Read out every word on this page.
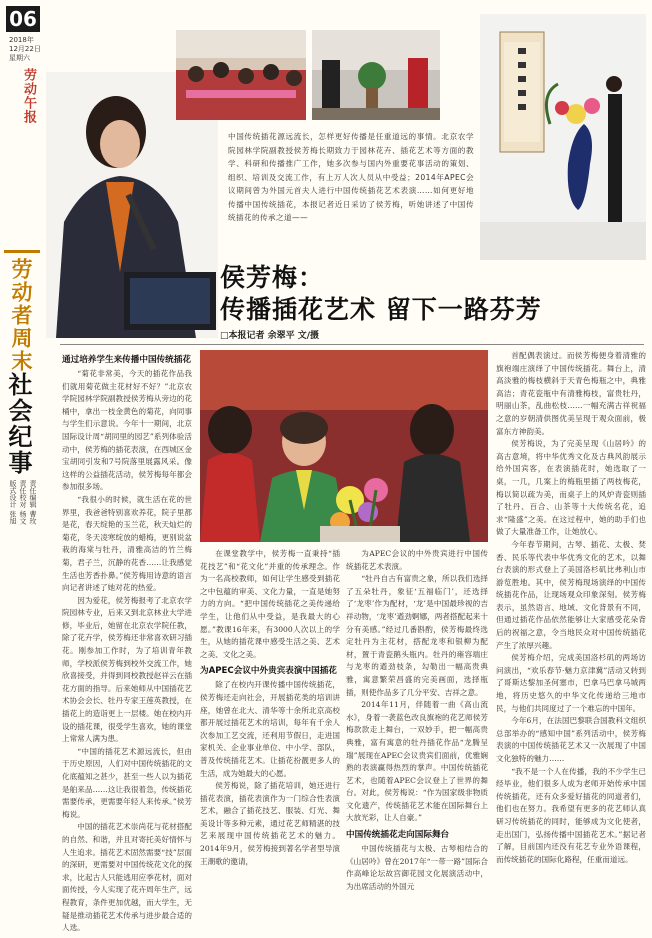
06
2018年
12月22日
星期六
劳动午报
劳动者周末
社会纪事
版式设计 张旭 责任校对 杨文 责任编辑 曹玫
中国传统插花源远流长，怎样更好传播是任重道远的事情。北京农学院园林学院副教授侯芳梅长期致力于园林花卉、插花艺术等方面的教学、科研和传播推广工作，她多次参与国内外重要花事活动的策划、组织、培训及交流工作，有上万人次人员从中受益；2014年APEC会议期间曾为外国元首夫人进行中国传统插花艺术表演……如何更好地传播中国传统插花，本报记者近日采访了侯芳梅，听她讲述了中国传统插花的传承之道——
侯芳梅：
传播插花艺术 留下一路芬芳
□本报记者 余翠平 文/摄
通过培养学生来传播中国传统插花

“菊花非常美，今天的插花作品我们就用菊花做主花材好不好？”北京农学院园林学院副教授侯芳梅从旁边的花桶中，拿出一枝金黄色的菊花，向同事与学生们示意说。今年十一期间，北京国际设计周“胡同里的园艺”系列体验活动中，侯芳梅的插花表演，在西城区金宝胡同引发和7号院落里展露风采。像这样的公益插花活动，侯芳梅每年都会参加很多场。

“我很小的时候，就生活在花的世界里，我爸爸特别喜欢养花，院子里都是花，春天绽艳的玉兰花，秋天灿烂的菊花，冬天凌寒绽放的蜡梅，更别说盆栽的海棠与牡丹，清雅高洁的竹兰梅菊，君子兰，沉静的花香……让我感觉生活也芳香扑鼻。”侯芳梅用诗意的语言向记者讲述了她对花的热爱。

因为爱花，侯芳梅报考了北京农学院园林专业，后来又到北京林业大学进修，毕业后，她留在北京农学院任教，除了花卉学，侯芳梅还非常喜欢研习插花。刚参加工作时，为了培训青年教师，学校派侯芳梅到校外交流工作，她欣喜接受，并得到同校教授赵祥云在插花方面的指导。后来她师从中国插花艺术协会会长、牡丹专家王莲英教授，在插花上的造诣更上一层楼。她在校内开设的插花课，很受学生喜欢，她的课堂上常常人满为患。

“中国的插花艺术源远流长，但由于历史原因，人们对中国传统插花的文化底蕴知之甚少，甚至一些人以为插花是舶来品……这让我很着急，传统插花需要传承，更需要年轻人来传承。”侯芳梅说。

中国的插花艺术崇尚花与花材搭配的自然、和谐，并且对寄托美好情怀与人生追求。插花艺术固然需要“技”层面的深研，更需要对中国传统花文化的探求，比起古人只能逃用应季花材，面对面传授，今人实现了花卉周年生产，远程教育，条件更加优越，而大学生，无疑是推动插花艺术传承与进步最合适的人选。

在课堂教学中，侯芳梅一直秉持“插花技艺”和“花文化”并重的传承理念。作为一名高校教师，如何让学生感受到插花之中包蕴的审美、文化力量，一直是她努力的方向。“把中国传统插花之美传递给学生，让他们从中受益，是我最大的心愿。”教课16年来，有3000人次以上的学生，从她的插花课中感受生活之美、艺术之美、文化之美。

为APEC会议中外贵宾表演中国插花

除了在校内开课传播中国传统插花，侯芳梅还走向社会，开展插花类的培训讲座，她曾在北大、清华等十余所北京高校都开展过插花艺术的培训，每年有千余人次参加工艺交流，还利用节假日，走进国家机关、企业事业单位、中小学、部队，普及传统插花艺术。让插花扮靓更多人的生活，成为她最大的心愿。

侯芳梅说，除了插花培训，她还进行插花表演，插花表演作为一门综合性表演艺术，融合了插花技艺、服装、灯光、舞美设计等多种元素，通过花艺师精湛的技艺来展现中国传统插花艺术的魅力。2014年9月，侯芳梅接到著名学者型导演王潮歌的邀请，

为APEC会议的中外贵宾进行中国传统插花艺术表演。

“牡丹自古有富贵之象，所以我们选择了五朵牡丹，象征‘五福临门’，还选择了‘龙枣’作为配材，‘龙’是中国最珍视的吉祥动物，‘龙枣’遒劲婀娜，两者搭配起来十分有美感。”经过几番斟酌，侯芳梅最终选定牡丹为主花材，搭配龙枣和银柳为配材，置于青瓷鹅头瓶内。牡丹的雍容端庄与龙枣的遒劲枝条，勾勒出一幅高贵典雅，寓意繁荣昌盛的完美画面，选择瓶插，则使作品多了几分平安、吉祥之意。

2014年11月，伴随着一曲《高山流水》，身着一袭蓝色改良旗袍的花艺师侯芳梅款款走上舞台，一双妙手，把一幅高贵典雅，富有寓意的牡丹插花作品“龙腾呈瑞”展现在APEC会议贵宾们面前，优雅娴熟的表演赢得热烈的掌声。中国传统插花艺术，也随着APEC会议登上了世界的舞台。对此，侯芳梅说：“作为国家级非物质文化遗产，传统插花艺术能在国际舞台上大放光彩，让人自豪。”

中国传统插花走向国际舞台

中国传统插花与太极、古琴相结合的《山居吟》曾在2017年“一带一路”国际合作高峰论坛故宫御花园文化展演活动中，为出席活动的外国元

首配偶表演过。而侯芳梅便身着清雅的旗袍端庄演绎了中国传统插花。舞台上，清高淡雅的梅枝横斜于天青色梅瓶之中，典雅高洁；青花瓷瓶中有清雅梅枝，富贵牡丹，明丽山茶，乱曲松枝……一幅充满古祥祝福之意的岁朝清供图优美呈现于观众面前，极富东方神韵美。

侯芳梅说，为了完美呈现《山居吟》的高古意境，将中华优秀文化及古典风韵展示给外国宾客，在表演插花时，她选取了一桌，一几，几案上的梅瓶里插了两枝梅花，梅以简以疏为美，而桌子上的风炉青瓷则插了牡丹、百合、山茶等十大传统名花，追求“隆盛”之美。在这过程中，她的助手们也做了大量准备工作，让她放心。

今年春节期间，古琴、插花、太极、焚香、民乐等代表中华优秀文化的艺术，以舞台表演的形式登上了美国洛杉矶比弗利山市游览胜地。其中，侯芳梅现场演绎的中国传统插花作品，让现场观众印象深刻。侯芳梅表示，虽然语言、地域、文化背景有不同，但通过插花作品依然能够让大家感受花朵背后的祝福之意，令当地民众对中国传统插花产生了浓厚兴趣。

侯芳梅介绍，完成美国洛杉矶的两场访问演出，“欢乐春节·魅力京津冀”活动又转到了哥斯达黎加圣何塞市，巴拿马巴拿马城两地，将历史悠久的中华文化传递给三地市民，与他们共同度过了一个难忘的中国年。

今年6月，在法国巴黎联合国教科文组织总部举办的“感知中国”系列活动中，侯芳梅表演的中国传统插花艺术又一次展现了中国文化独特的魅力……

“我不是一个人在传播，我的不少学生已经毕业，他们很多人成为老师开始传承中国传统插花，还有众多爱好插花的同道者们，他们也在努力。我希望有更多的花艺师认真研习传统插花的同时，能够成为文化使者，走出国门，弘扬传播中国插花艺术。”据记者了解，目前国内还没有花艺专业外语课程，而传统插花的国际化路程，任重而道远。
